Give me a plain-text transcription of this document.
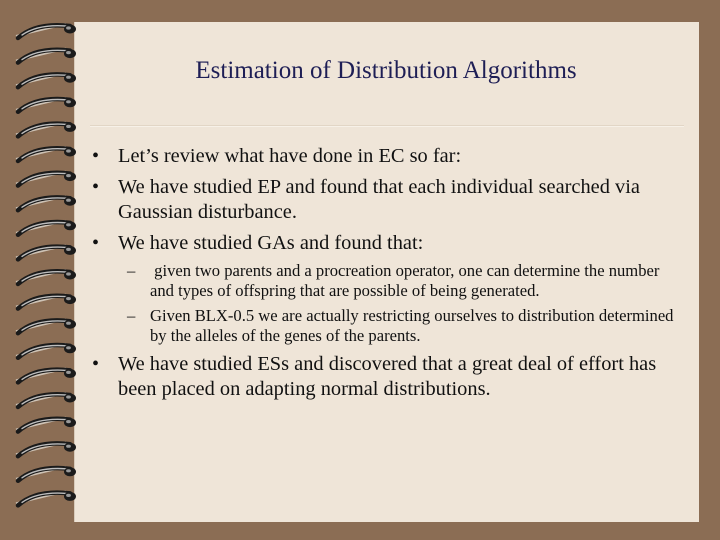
Estimation of Distribution Algorithms
• Let’s review what have done in EC so far:
• We have studied EP and found that each individual searched via Gaussian disturbance.
• We have studied GAs and found that:
– given two parents and a procreation operator, one can determine the number and types of offspring that are possible of being generated.
– Given BLX-0.5 we are actually restricting ourselves to distribution determined by the alleles of the genes of the parents.
• We have studied ESs and discovered that a great deal of effort has been placed on adapting normal distributions.
